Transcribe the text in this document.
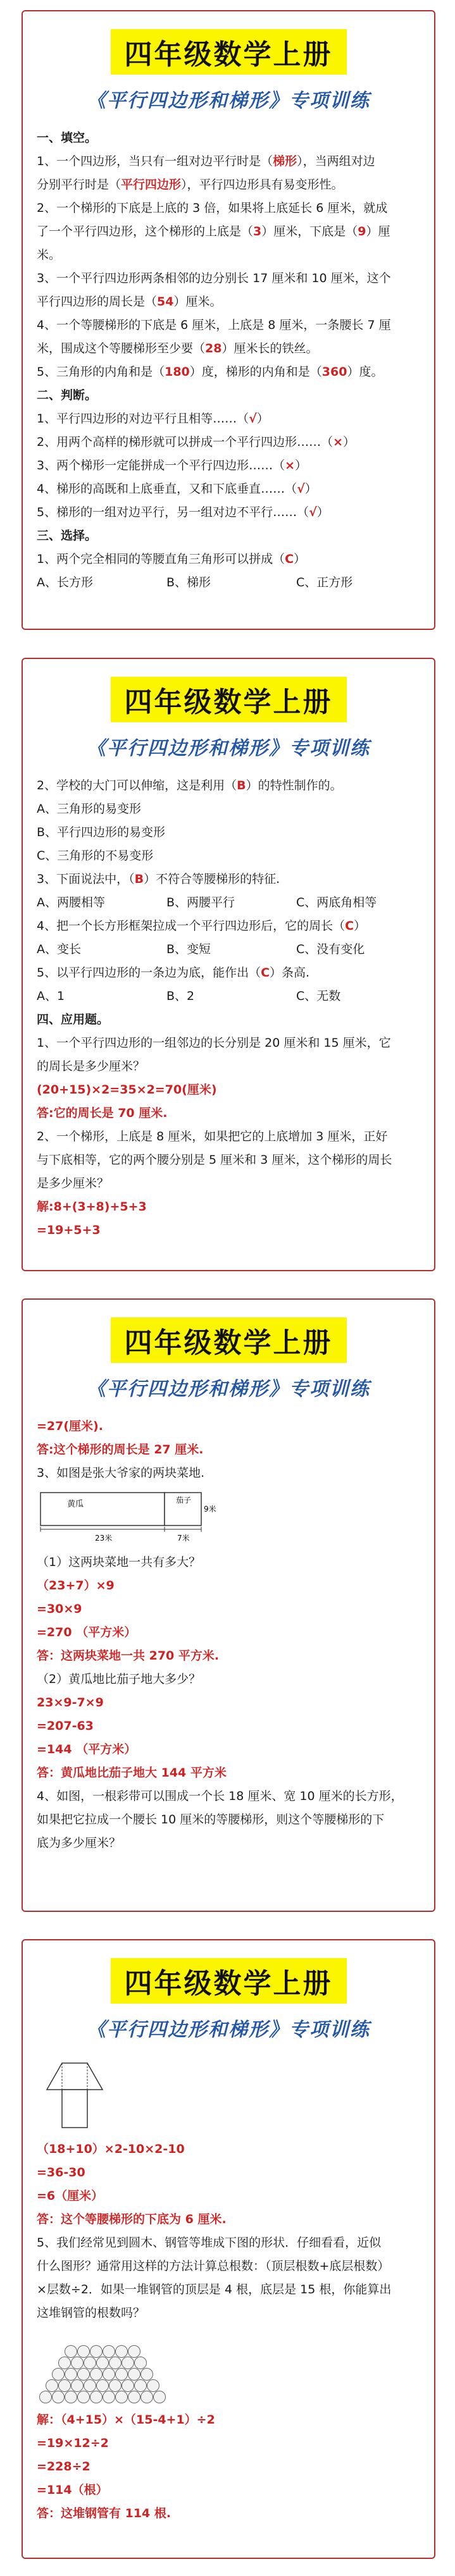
四年级数学上册
《平行四边形和梯形》专项训练
一、填空。
1、一个四边形，当只有一组对边平行时是（梯形），当两组对边
分别平行时是（平行四边形），平行四边形具有易变形性。
2、一个梯形的下底是上底的 3 倍，如果将上底延长 6 厘米，就成
了一个平行四边形，这个梯形的上底是（3）厘米，下底是（9）厘
米。
3、一个平行四边形两条相邻的边分别长 17 厘米和 10 厘米，这个
平行四边形的周长是（54）厘米。
4、一个等腰梯形的下底是 6 厘米，上底是 8 厘米，一条腰长 7 厘
米，围成这个等腰梯形至少要（28）厘米长的铁丝。
5、三角形的内角和是（180）度，梯形的内角和是（360）度。
二、判断。
1、平行四边形的对边平行且相等……（√）
2、用两个高样的梯形就可以拼成一个平行四边形……（×）
3、两个梯形一定能拼成一个平行四边形……（×）
4、梯形的高既和上底垂直，又和下底垂直……（√）
5、梯形的一组对边平行，另一组对边不平行……（√）
三、选择。
1、两个完全相同的等腰直角三角形可以拼成（C）
A、长方形	B、梯形	C、正方形
四年级数学上册
《平行四边形和梯形》专项训练
2、学校的大门可以伸缩，这是利用（B）的特性制作的。
A、三角形的易变形
B、平行四边形的易变形
C、三角形的不易变形
3、下面说法中，（B）不符合等腰梯形的特征.
A、两腰相等	B、两腰平行	C、两底角相等
4、把一个长方形框架拉成一个平行四边形后，它的周长（C）
A、变长	B、变短	C、没有变化
5、以平行四边形的一条边为底，能作出（C）条高.
A、1	B、2	C、无数
四、应用题。
1、一个平行四边形的一组邻边的长分别是 20 厘米和 15 厘米，它
的周长是多少厘米？
(20+15)×2=35×2=70(厘米)
答:它的周长是 70 厘米.
2、一个梯形，上底是 8 厘米，如果把它的上底增加 3 厘米，正好
与下底相等，它的两个腰分别是 5 厘米和 3 厘米，这个梯形的周长
是多少厘米？
解:8+(3+8)+5+3
=19+5+3
四年级数学上册
《平行四边形和梯形》专项训练
=27(厘米).
答:这个梯形的周长是 27 厘米.
3、如图是张大爷家的两块菜地.
黄瓜	茄子
23米	7米
9米
（1）这两块菜地一共有多大？
（23+7）×9
=30×9
=270 （平方米）
答：这两块菜地一共 270 平方米.
（2）黄瓜地比茄子地大多少？
23×9-7×9
=207-63
=144 （平方米）
答：黄瓜地比茄子地大 144 平方米
4、如图，一根彩带可以围成一个长 18 厘米、宽 10 厘米的长方形，
如果把它拉成一个腰长 10 厘米的等腰梯形，则这个等腰梯形的下
底为多少厘米？
四年级数学上册
《平行四边形和梯形》专项训练
（18+10）×2-10×2-10
=36-30
=6（厘米）
答：这个等腰梯形的下底为 6 厘米.
5、我们经常见到圆木、钢管等堆成下图的形状．仔细看看，近似
什么图形？通常用这样的方法计算总根数：（顶层根数+底层根数）
×层数÷2．如果一堆钢管的顶层是 4 根，底层是 15 根，你能算出
这堆钢管的根数吗？
解：（4+15）×（15-4+1）÷2
=19×12÷2
=228÷2
=114（根）
答：这堆钢管有 114 根.
